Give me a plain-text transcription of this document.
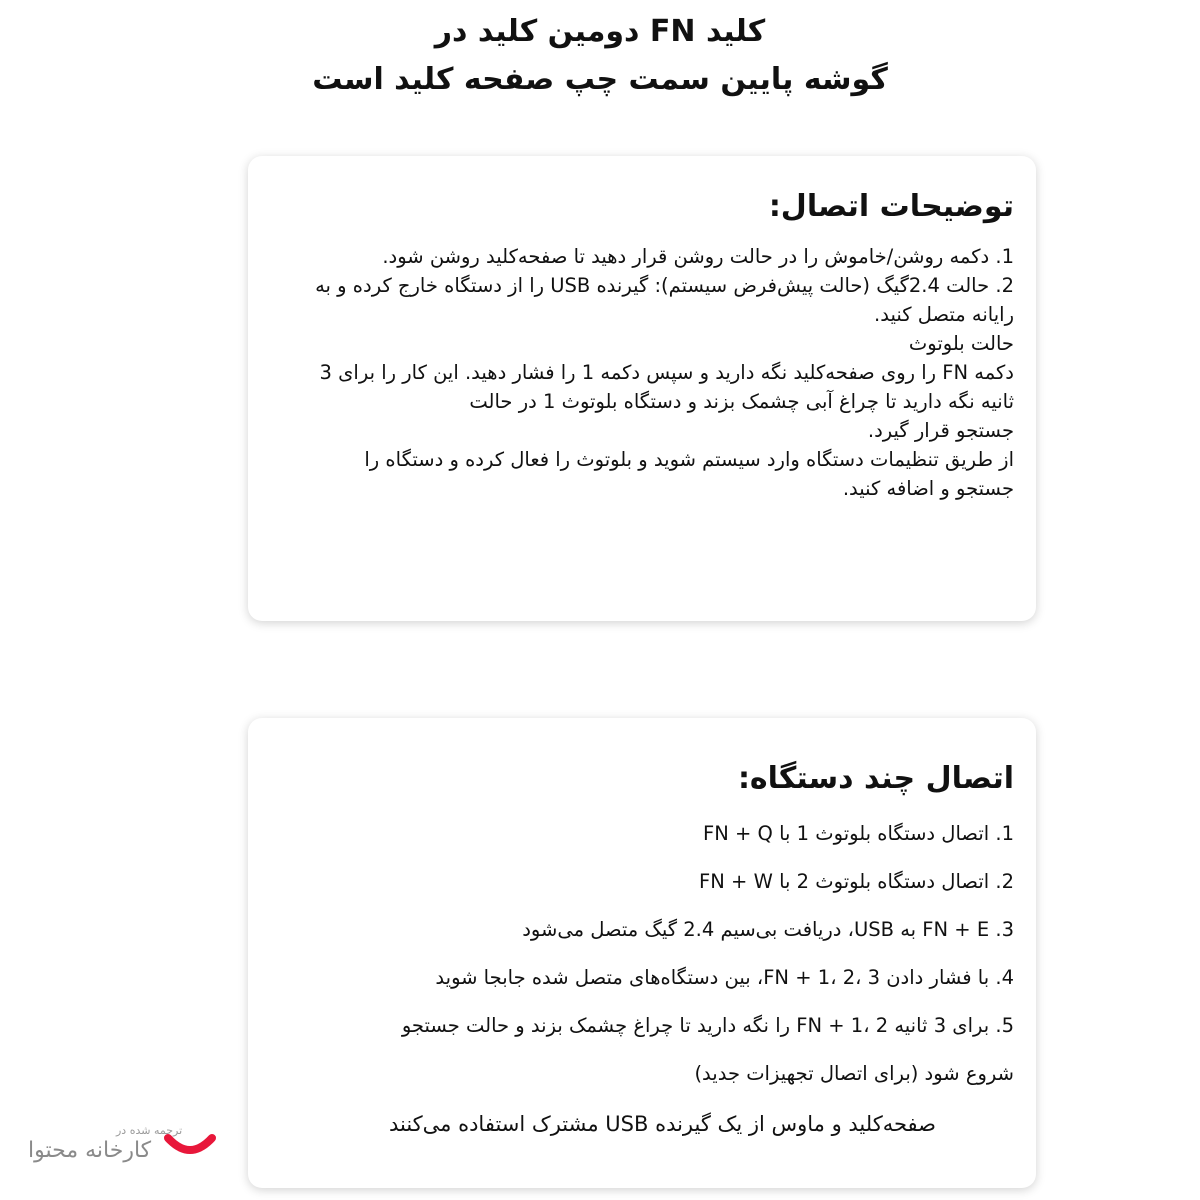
کلید FN دومین کلید در
گوشه پایین سمت چپ صفحه کلید است
توضیحات اتصال:
1. دکمه روشن/خاموش را در حالت روشن قرار دهید تا صفحه‌کلید روشن شود.
2. حالت 2.4گیگ (حالت پیش‌فرض سیستم): گیرنده USB را از دستگاه خارج کرده و به
رایانه متصل کنید.
حالت بلوتوث
دکمه FN را روی صفحه‌کلید نگه دارید و سپس دکمه 1 را فشار دهید. این کار را برای 3
ثانیه نگه دارید تا چراغ آبی چشمک بزند و دستگاه بلوتوث 1 در حالت
جستجو قرار گیرد.
از طریق تنظیمات دستگاه وارد سیستم شوید و بلوتوث را فعال کرده و دستگاه را
جستجو و اضافه کنید.
اتصال چند دستگاه:
1. اتصال دستگاه بلوتوث 1 با FN + Q
2. اتصال دستگاه بلوتوث 2 با FN + W
3. FN + E به USB، دریافت بی‌سیم 2.4 گیگ متصل می‌شود
4. با فشار دادن 3 ،2 ،1 + FN، بین دستگاه‌های متصل شده جابجا شوید
5. برای 3 ثانیه 2 ،1 + FN را نگه دارید تا چراغ چشمک بزند و حالت جستجو
شروع شود (برای اتصال تجهیزات جدید)
صفحه‌کلید و ماوس از یک گیرنده USB مشترک استفاده می‌کنند
ترجمه شده در
کارخانه محتوا
